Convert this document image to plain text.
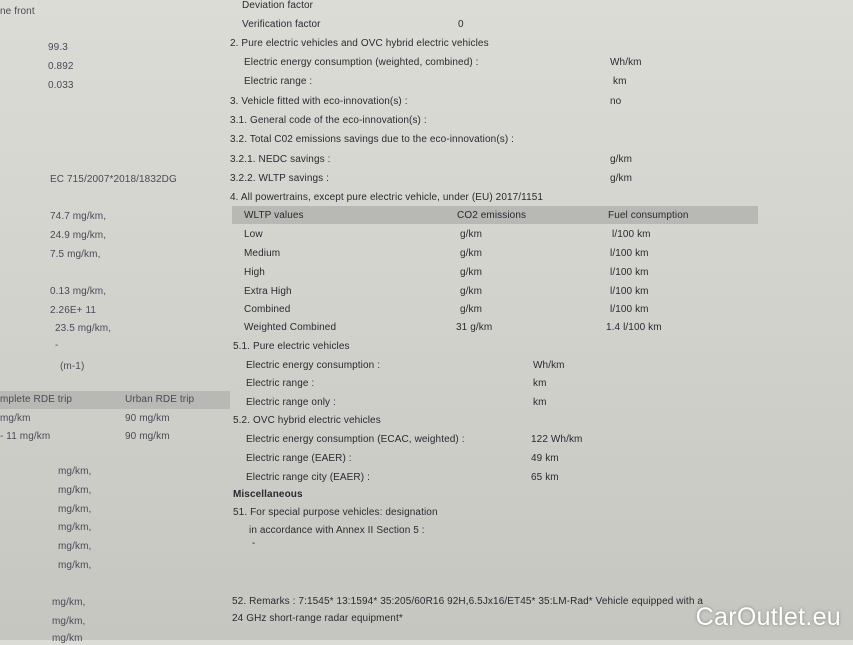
ne front
99.3
0.892
0.033
EC 715/2007*2018/1832DG
74.7 mg/km,
24.9 mg/km,
7.5 mg/km,
0.13 mg/km,
2.26E+ 11
23.5 mg/km,
-
(m-1)
mplete RDE trip	Urban RDE trip
mg/km	90 mg/km
- 11 mg/km	90 mg/km
mg/km,
mg/km,
mg/km,
mg/km,
mg/km,
mg/km,
mg/km,
mg/km,
mg/km
Deviation factor
Verification factor	0
2. Pure electric vehicles and OVC hybrid electric vehicles
Electric energy consumption (weighted, combined) :	Wh/km
Electric range :	km
3. Vehicle fitted with eco-innovation(s) :	no
3.1. General code of the eco-innovation(s) :
3.2. Total C02 emissions savings due to the eco-innovation(s) :
3.2.1. NEDC savings :	g/km
3.2.2. WLTP savings :	g/km
4. All powertrains, except pure electric vehicle, under (EU) 2017/1151
WLTP values	CO2 emissions	Fuel consumption
Low	g/km	l/100 km
Medium	g/km	l/100 km
High	g/km	l/100 km
Extra High	g/km	l/100 km
Combined	g/km	l/100 km
Weighted Combined	31 g/km	1.4 l/100 km
5.1. Pure electric vehicles
Electric energy consumption :	Wh/km
Electric range :	km
Electric range only :	km
5.2. OVC hybrid electric vehicles
Electric energy consumption (ECAC, weighted) :	122 Wh/km
Electric range (EAER) :	49 km
Electric range city (EAER) :	65 km
Miscellaneous
51. For special purpose vehicles: designation
in accordance with Annex II Section 5 :
-
52. Remarks : 7:1545* 13:1594* 35:205/60R16 92H,6.5Jx16/ET45* 35:LM-Rad* Vehicle equipped with a
24 GHz short-range radar equipment*	CarOutlet.eu
